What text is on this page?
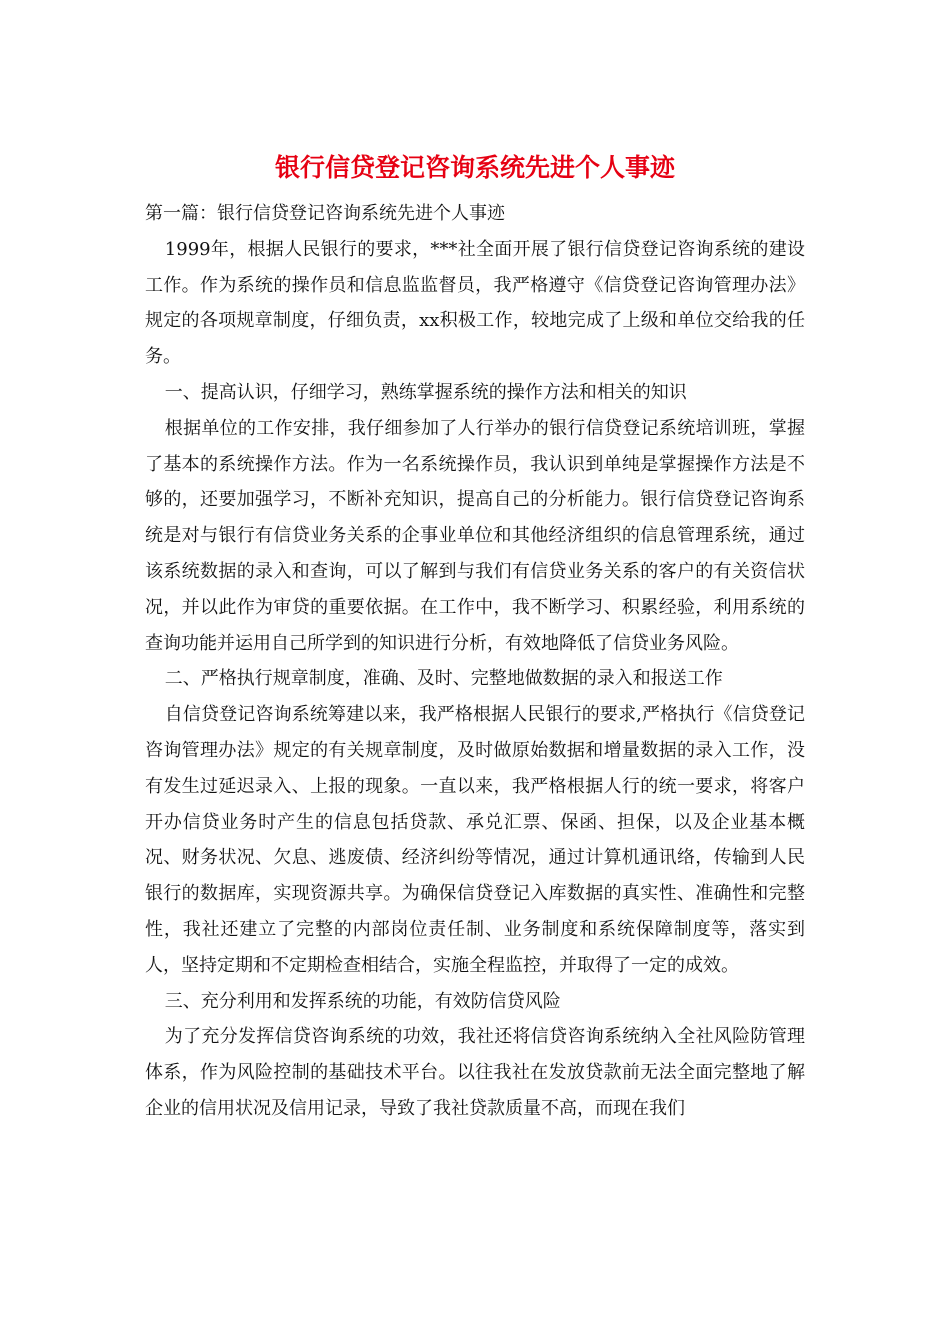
银行信贷登记咨询系统先进个人事迹

第一篇：银行信贷登记咨询系统先进个人事迹

1999年，根据人民银行的要求，***社全面开展了银行信贷登记咨询系统的建设工作。作为系统的操作员和信息监监督员，我严格遵守《信贷登记咨询管理办法》规定的各项规章制度，仔细负责，xx积极工作，较地完成了上级和单位交给我的任务。

一、提高认识，仔细学习，熟练掌握系统的操作方法和相关的知识

根据单位的工作安排，我仔细参加了人行举办的银行信贷登记系统培训班，掌握了基本的系统操作方法。作为一名系统操作员，我认识到单纯是掌握操作方法是不够的，还要加强学习，不断补充知识，提高自己的分析能力。银行信贷登记咨询系统是对与银行有信贷业务关系的企事业单位和其他经济组织的信息管理系统，通过该系统数据的录入和查询，可以了解到与我们有信贷业务关系的客户的有关资信状况，并以此作为审贷的重要依据。在工作中，我不断学习、积累经验，利用系统的查询功能并运用自己所学到的知识进行分析，有效地降低了信贷业务风险。

二、严格执行规章制度，准确、及时、完整地做数据的录入和报送工作

自信贷登记咨询系统筹建以来，我严格根据人民银行的要求,严格执行《信贷登记咨询管理办法》规定的有关规章制度，及时做原始数据和增量数据的录入工作，没有发生过延迟录入、上报的现象。一直以来，我严格根据人行的统一要求，将客户开办信贷业务时产生的信息包括贷款、承兑汇票、保函、担保，以及企业基本概况、财务状况、欠息、逃废债、经济纠纷等情况，通过计算机通讯络，传输到人民银行的数据库，实现资源共享。为确保信贷登记入库数据的真实性、准确性和完整性，我社还建立了完整的内部岗位责任制、业务制度和系统保障制度等，落实到人，坚持定期和不定期检查相结合，实施全程监控，并取得了一定的成效。

三、充分利用和发挥系统的功能，有效防信贷风险

为了充分发挥信贷咨询系统的功效，我社还将信贷咨询系统纳入全社风险防管理体系，作为风险控制的基础技术平台。以往我社在发放贷款前无法全面完整地了解企业的信用状况及信用记录，导致了我社贷款质量不高，而现在我们
